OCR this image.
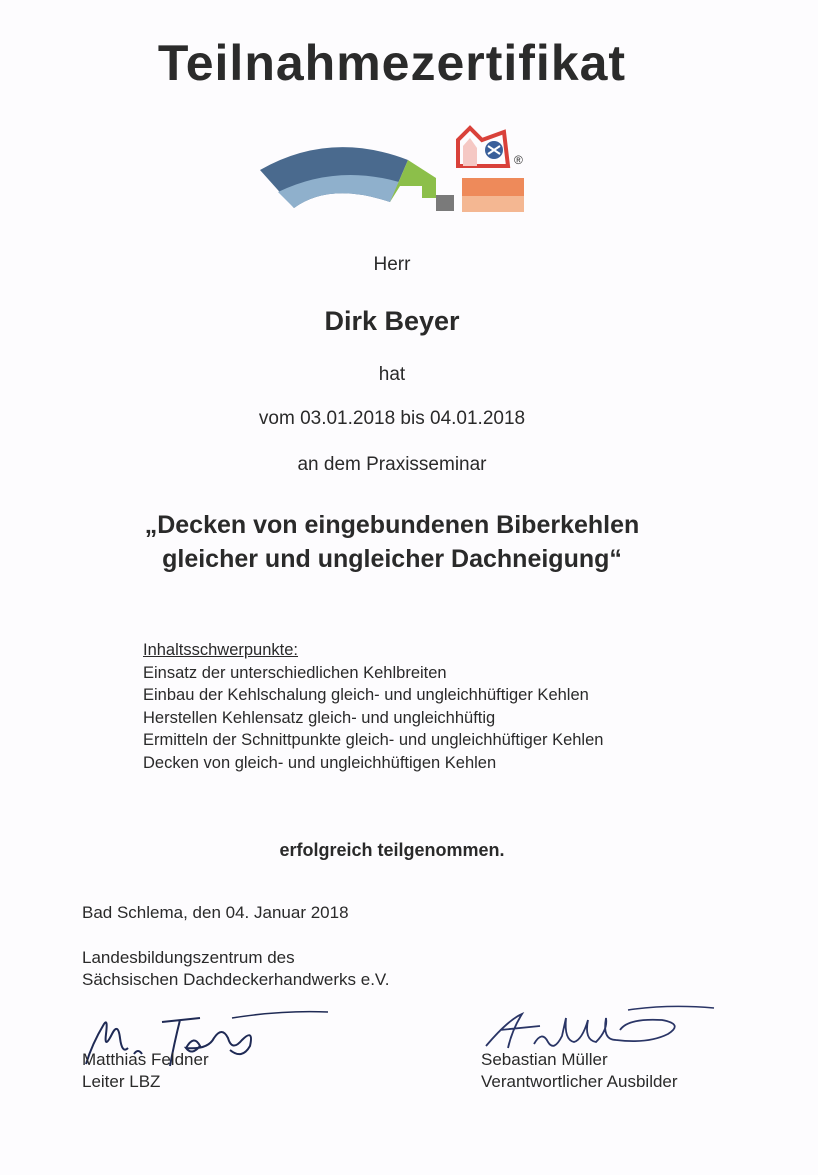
Teilnahmezertifikat
®
Herr
Dirk Beyer
hat
vom 03.01.2018 bis 04.01.2018
an dem Praxisseminar
„Decken von eingebundenen Biberkehlen
gleicher und ungleicher Dachneigung“
Inhaltsschwerpunkte:
Einsatz der unterschiedlichen Kehlbreiten
Einbau der Kehlschalung gleich- und ungleichhüftiger Kehlen
Herstellen Kehlensatz gleich- und ungleichhüftig
Ermitteln der Schnittpunkte gleich- und ungleichhüftiger Kehlen
Decken von gleich- und ungleichhüftigen Kehlen
erfolgreich teilgenommen.
Bad Schlema, den 04. Januar 2018
Landesbildungszentrum des
Sächsischen Dachdeckerhandwerks e.V.
Matthias Feldner
Leiter LBZ
Sebastian Müller
Verantwortlicher Ausbilder
